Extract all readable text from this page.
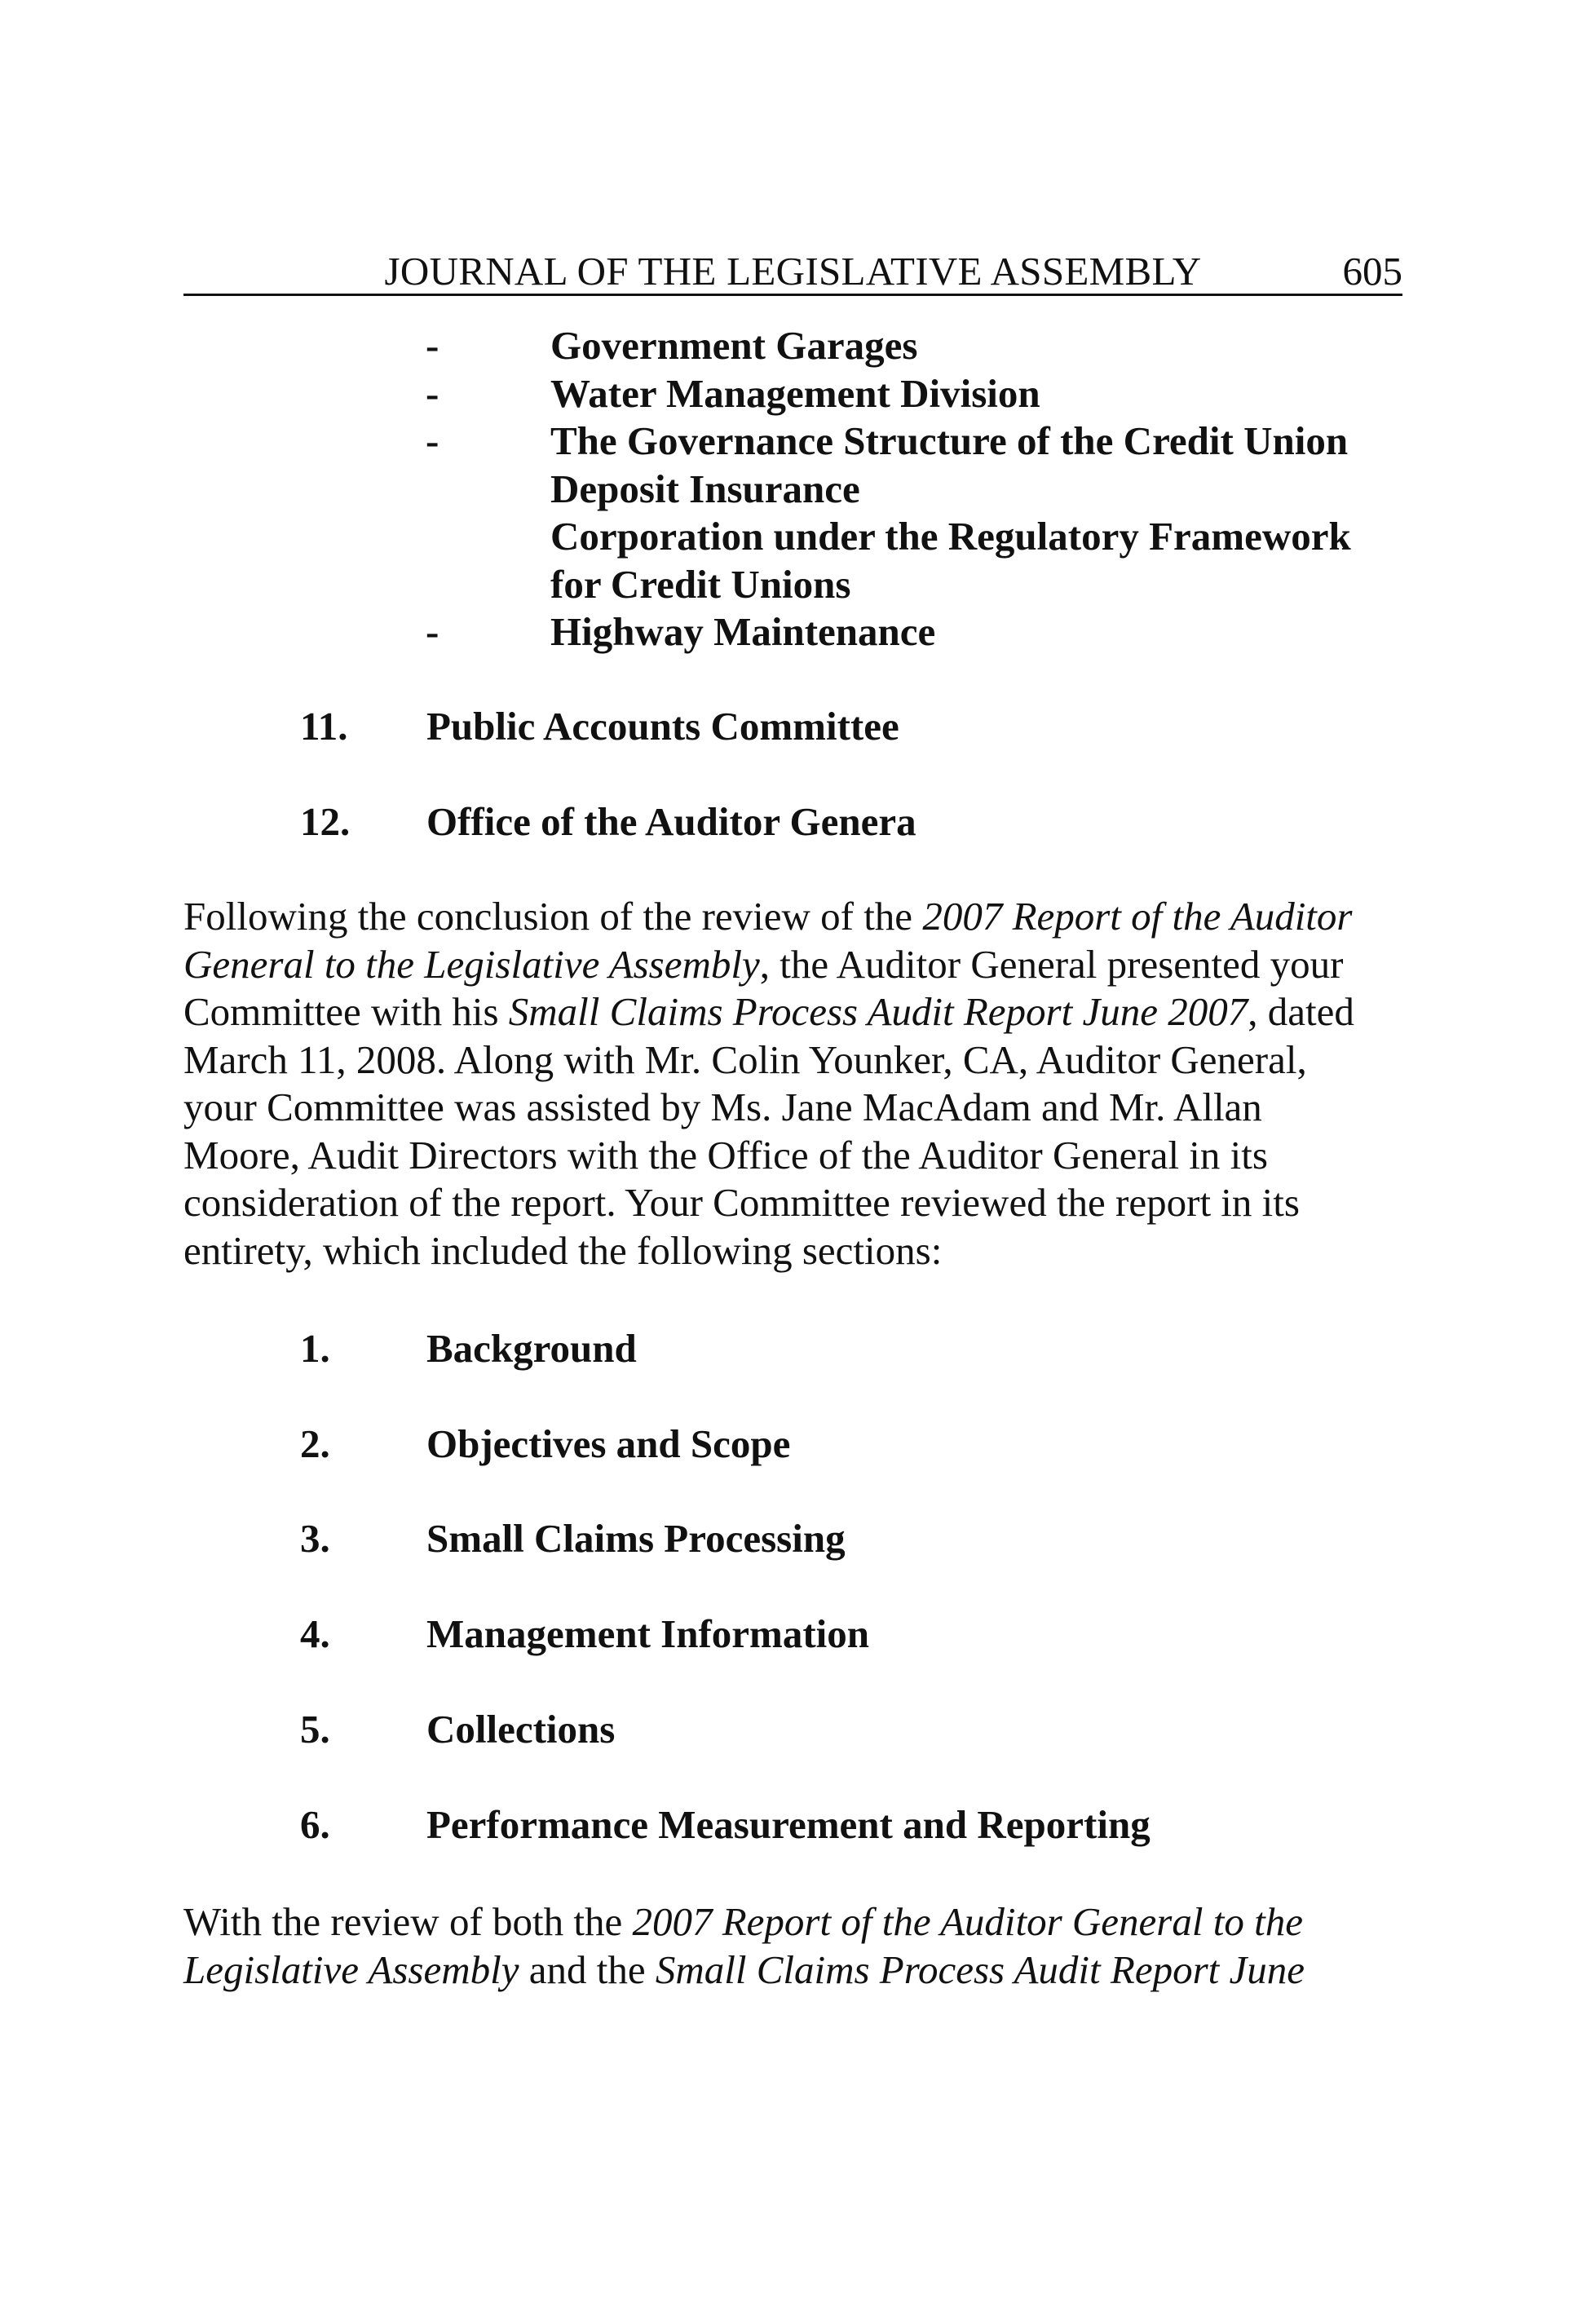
JOURNAL OF THE LEGISLATIVE ASSEMBLY	605
-	Government Garages
-	Water Management Division
-	The Governance Structure of the Credit Union
Deposit Insurance
Corporation under the Regulatory Framework
for Credit Unions
-	Highway Maintenance
11. Public Accounts Committee
12. Office of the Auditor Genera
Following the conclusion of the review of the 2007 Report of the Auditor
General to the Legislative Assembly, the Auditor General presented your
Committee with his Small Claims Process Audit Report June 2007, dated
March 11, 2008. Along with Mr. Colin Younker, CA, Auditor General,
your Committee was assisted by Ms. Jane MacAdam and Mr. Allan
Moore, Audit Directors with the Office of the Auditor General in its
consideration of the report. Your Committee reviewed the report in its
entirety, which included the following sections:
1. Background
2. Objectives and Scope
3. Small Claims Processing
4. Management Information
5. Collections
6. Performance Measurement and Reporting
With the review of both the 2007 Report of the Auditor General to the
Legislative Assembly and the Small Claims Process Audit Report June
